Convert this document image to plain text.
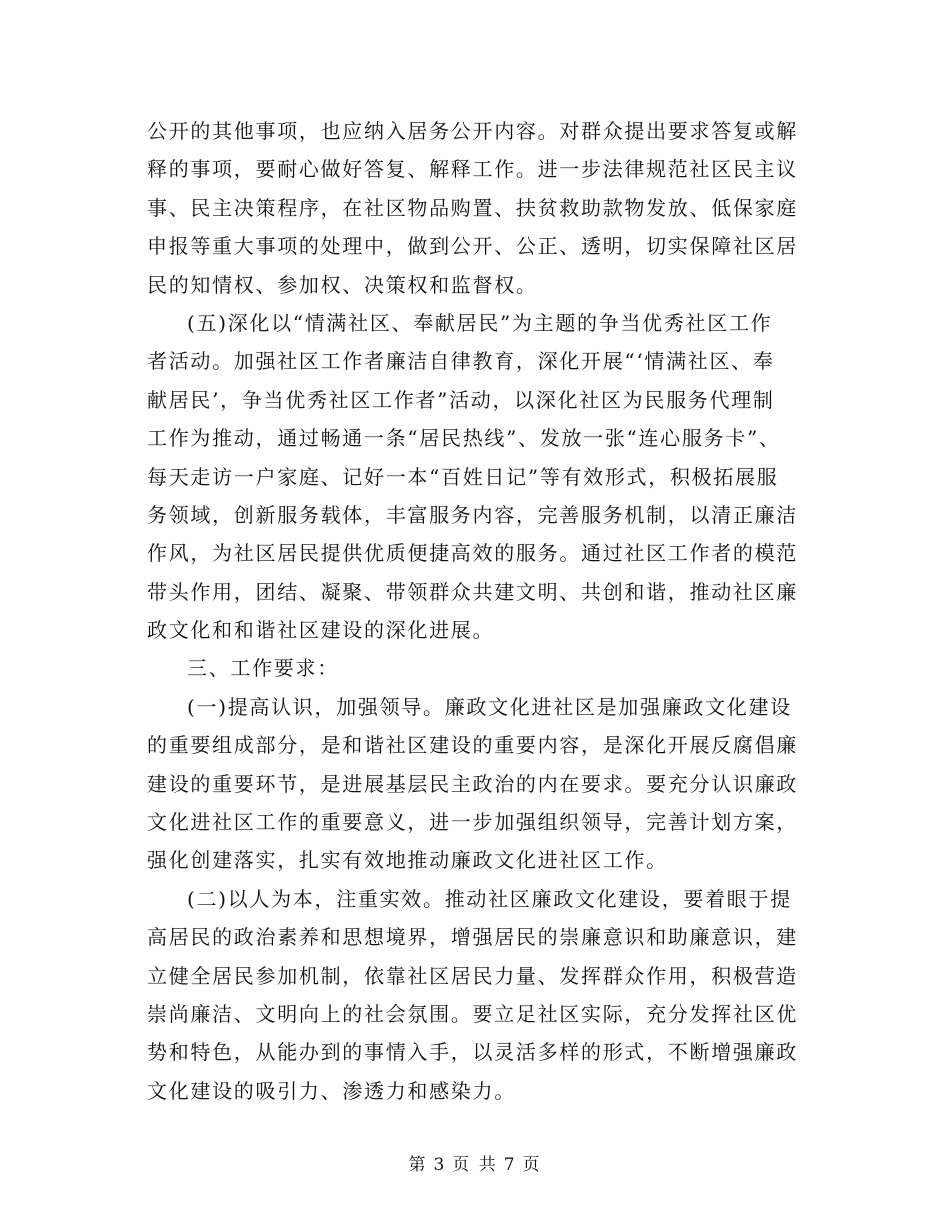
公开的其他事项，也应纳入居务公开内容。对群众提出要求答复或解
释的事项，要耐心做好答复、解释工作。进一步法律规范社区民主议
事、民主决策程序，在社区物品购置、扶贫救助款物发放、低保家庭
申报等重大事项的处理中，做到公开、公正、透明，切实保障社区居
民的知情权、参加权、决策权和监督权。
(五)深化以“情满社区、奉献居民”为主题的争当优秀社区工作
者活动。加强社区工作者廉洁自律教育，深化开展“‘情满社区、奉
献居民’，争当优秀社区工作者”活动，以深化社区为民服务代理制
工作为推动，通过畅通一条“居民热线”、发放一张“连心服务卡”、
每天走访一户家庭、记好一本“百姓日记”等有效形式，积极拓展服
务领域，创新服务载体，丰富服务内容，完善服务机制，以清正廉洁
作风，为社区居民提供优质便捷高效的服务。通过社区工作者的模范
带头作用，团结、凝聚、带领群众共建文明、共创和谐，推动社区廉
政文化和和谐社区建设的深化进展。
三、工作要求：
(一)提高认识，加强领导。廉政文化进社区是加强廉政文化建设
的重要组成部分，是和谐社区建设的重要内容，是深化开展反腐倡廉
建设的重要环节，是进展基层民主政治的内在要求。要充分认识廉政
文化进社区工作的重要意义，进一步加强组织领导，完善计划方案，
强化创建落实，扎实有效地推动廉政文化进社区工作。
(二)以人为本，注重实效。推动社区廉政文化建设，要着眼于提
高居民的政治素养和思想境界，增强居民的崇廉意识和助廉意识，建
立健全居民参加机制，依靠社区居民力量、发挥群众作用，积极营造
崇尚廉洁、文明向上的社会氛围。要立足社区实际，充分发挥社区优
势和特色，从能办到的事情入手，以灵活多样的形式，不断增强廉政
文化建设的吸引力、渗透力和感染力。
第 3 页 共 7 页
